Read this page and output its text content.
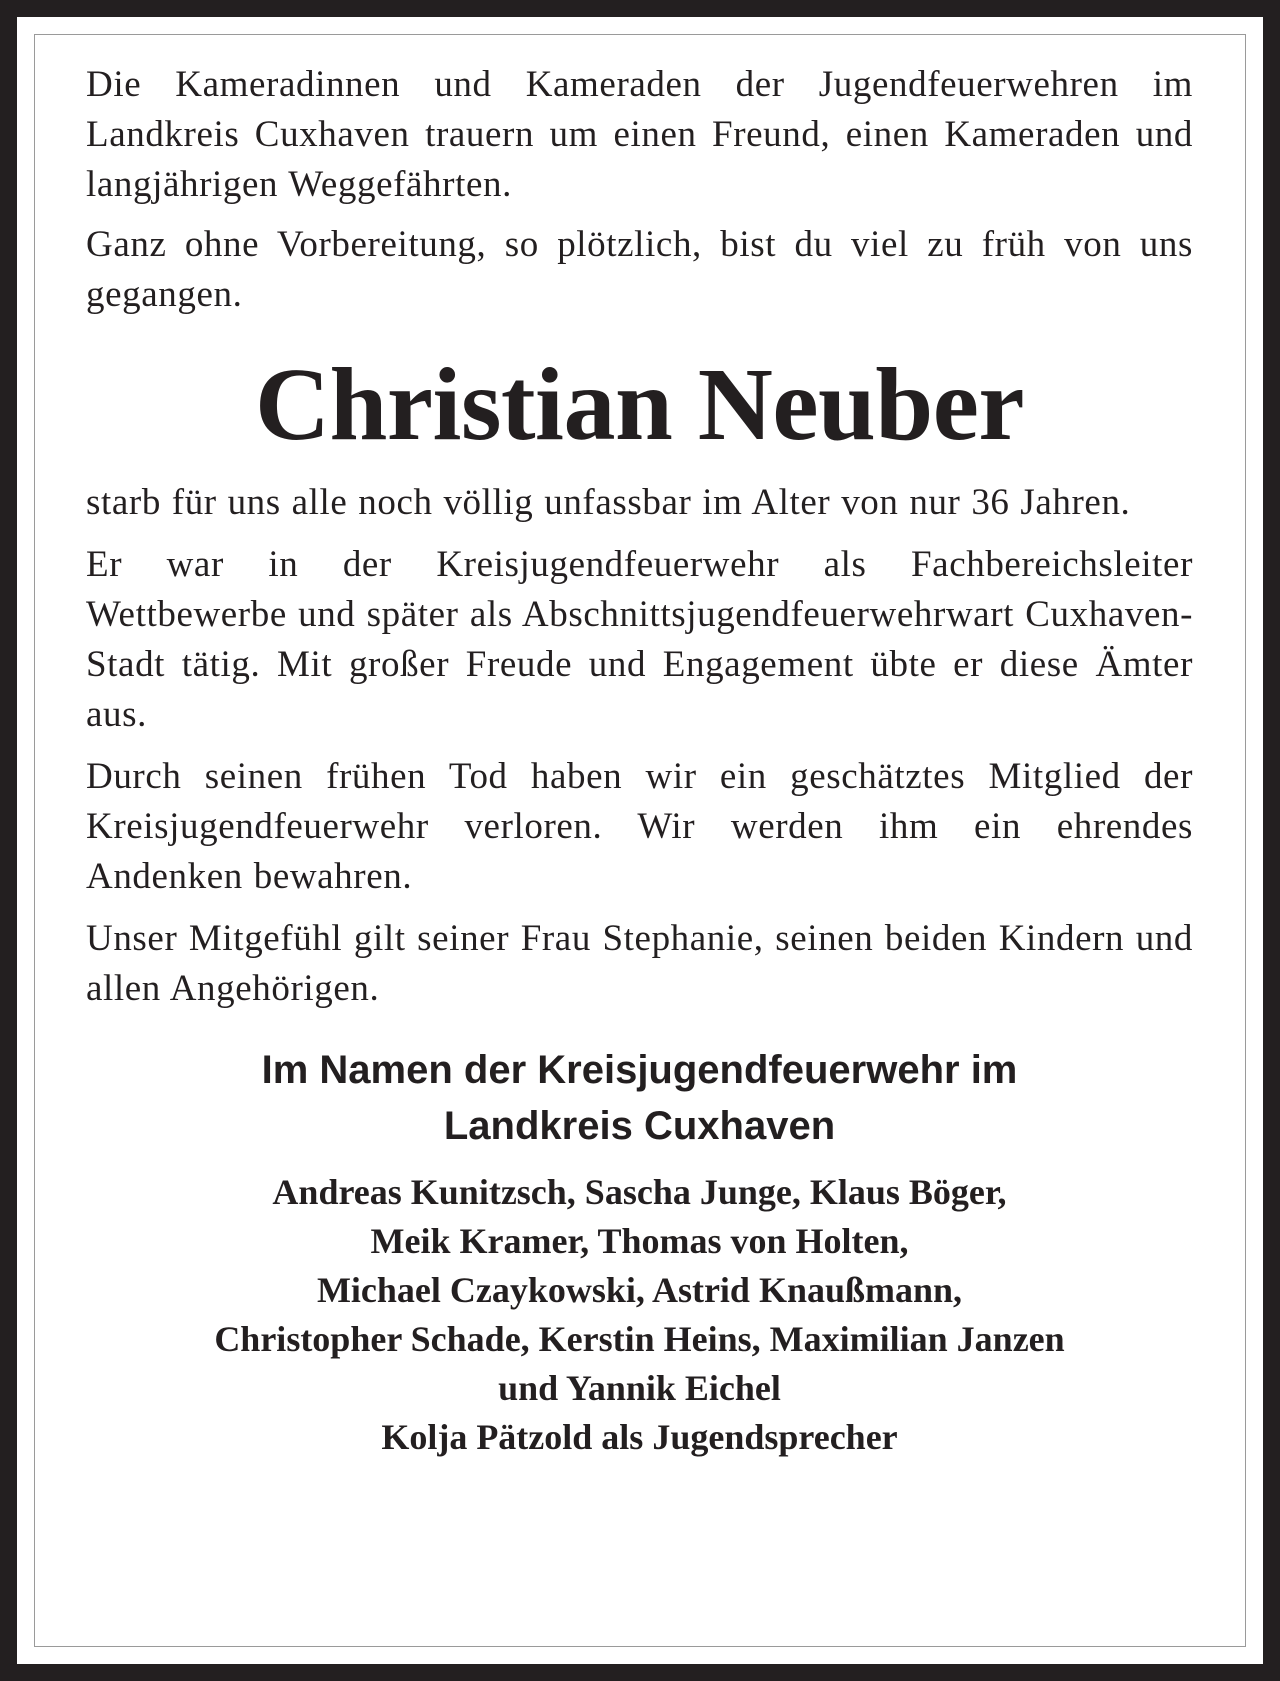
Die Kameradinnen und Kameraden der Jugendfeuerwehren im Landkreis Cuxhaven trauern um einen Freund, einen Kameraden und langjährigen Weggefährten.

Ganz ohne Vorbereitung, so plötzlich, bist du viel zu früh von uns gegangen.

Christian Neuber

starb für uns alle noch völlig unfassbar im Alter von nur 36 Jahren.

Er war in der Kreisjugendfeuerwehr als Fachbereichsleiter Wettbewerbe und später als Abschnittsjugendfeuerwehrwart Cuxhaven-Stadt tätig. Mit großer Freude und Engagement übte er diese Ämter aus.

Durch seinen frühen Tod haben wir ein geschätztes Mitglied der Kreisjugendfeuerwehr verloren. Wir werden ihm ein ehrendes Andenken bewahren.

Unser Mitgefühl gilt seiner Frau Stephanie, seinen beiden Kindern und allen Angehörigen.

Im Namen der Kreisjugendfeuerwehr im
Landkreis Cuxhaven
Andreas Kunitzsch, Sascha Junge, Klaus Böger,
Meik Kramer, Thomas von Holten,
Michael Czaykowski, Astrid Knaußmann,
Christopher Schade, Kerstin Heins, Maximilian Janzen
und Yannik Eichel
Kolja Pätzold als Jugendsprecher
